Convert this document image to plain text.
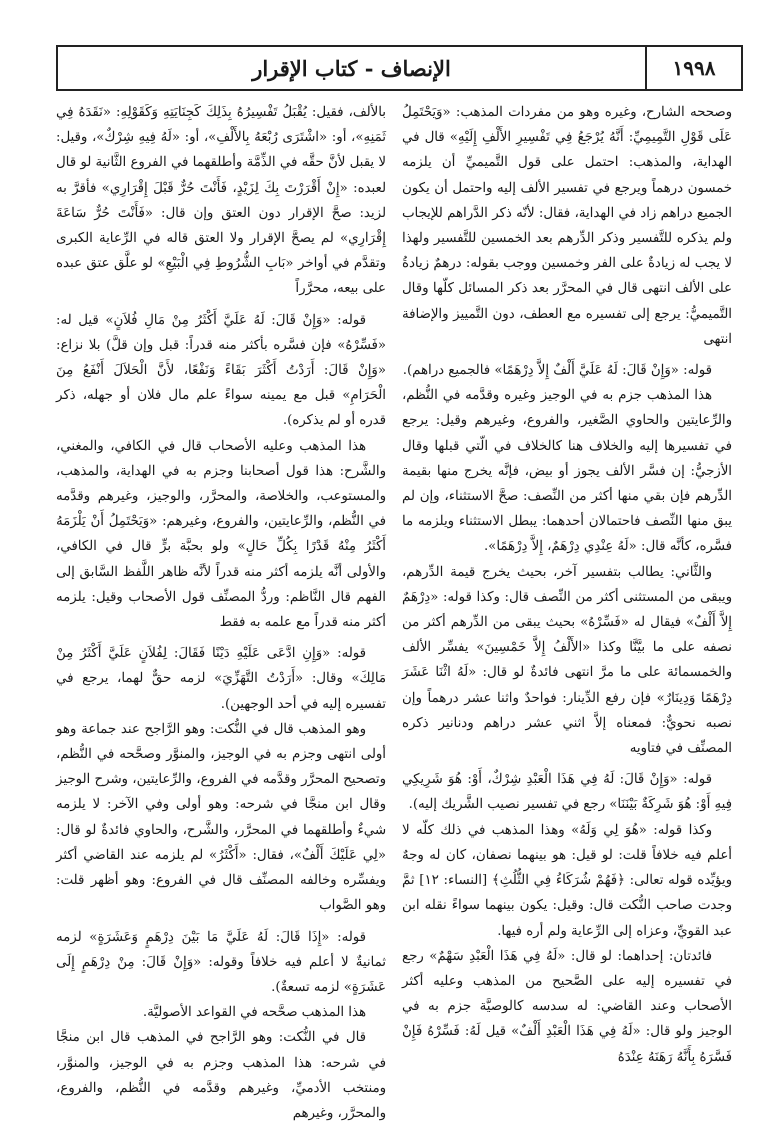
الإنصاف - كتاب الإقرار	١٩٩٨

وصححه الشارح، وغيره وهو من مفردات المذهب: «وَيَحْتَمِلُ عَلَى قَوْلِ التَّمِيمِيِّ: أَنَّهُ يُرْجَعُ فِي تَفْسِيرِ الأَلْفِ إِلَيْهِ» قال في الهداية، والمذهب: احتمل على قول التَّميميِّ أن يلزمه خمسون درهماً ويرجع في تفسير الألف إليه واحتمل أن يكون الجميع دراهم زاد في الهداية، فقال: لأنّه ذكر الدَّراهم للإيجاب ولم يذكره للتَّفسير وذكر الدِّرهم بعد الخمسين للتَّفسير ولهذا لا يجب له زيادةٌ على الفر وخمسين ووجب بقوله: درهمٌ زيادةُ على الألف انتهى قال في المحرَّر بعد ذكر المسائل كلّها وقال التَّميميُّ: يرجع إلى تفسيره مع العطف، دون التَّمييز والإضافة انتهى

قوله: «وَإِنْ قَالَ: لَهُ عَلَيَّ أَلْفٌ إِلاَّ دِرْهَمًا» فالجميع دراهم).

هذا المذهب جزم به في الوجيز وغيره وقدَّمه في النُّظم، والرِّعايتين والحاوي الصَّغير، والفروع، وغيرهم وقيل: يرجع في تفسيرها إليه والخلاف هنا كالخلاف في الّتي قبلها وقال الأزجيُّ: إن فسَّر الألف يجوز أو بيض، فإنَّه يخرج منها بقيمة الدِّرهم فإن بقي منها أكثر من النِّصف: صحَّ الاستثناء، وإن لم يبق منها النِّصف فاحتمالان أحدهما: يبطل الاستثناء ويلزمه ما فسَّره، كأنَّه قال: «لَهُ عِنْدِي دِرْهَمٌ، إِلاَّ دِرْهَمًا».

والثَّاني: يطالب بتفسير آخر، بحيث يخرج قيمة الدِّرهم، ويبقى من المستثنى أكثر من النِّصف قال: وكذا قوله: «دِرْهَمٌ إِلاَّ أَلْفٌ» فيقال له «فَسِّرْهُ» بحيث يبقى من الدِّرهم أكثر من نصفه على ما بيَّنَّا وكذا «الأَلْفُ إِلاَّ خَمْسِينَ» يفسِّر الألف والخمسمائة على ما مرَّ انتهى فائدةٌ لو قال: «لَهُ اثْنَا عَشَرَ دِرْهَمًا وَدِينَارٌ» فإن رفع الدِّينار: فواحدٌ واثنا عشر درهماً وإن نصبه نحويٌّ: فمعناه إلاَّ اثني عشر دراهم ودنانير ذكره المصنِّف في فتاويه

قوله: «وَإِنْ قَالَ: لَهُ فِي هَذَا الْعَبْدِ شِرْكٌ، أَوْ: هُوَ شَرِيكِي فِيهِ أَوْ: هُوَ شَرِكَةٌ بَيْنَنَا» رجع في تفسير نصيب الشَّريك إليه).

وكذا قوله: «هُوَ لِي وَلَهُ» وهذا المذهب في ذلك كلّه لا أعلم فيه خلافاً قلت: لو قيل: هو بينهما نصفان، كان له وجهٌ ويؤيِّده قوله تعالى: ﴿فَهُمْ شُرَكَاءُ فِي الثُّلُثِ﴾ [النساء: ١٢] ثمَّ وجدت صاحب النُّكت قال: وقيل: يكون بينهما سواءً نقله ابن عبد القويِّ، وعزاه إلى الرِّعاية ولم أره فيها.

فائدتان: إحداهما: لو قال: «لَهُ فِي هَذَا الْعَبْدِ سَهْمٌ» رجع في تفسيره إليه على الصَّحيح من المذهب وعليه أكثر الأصحاب وعند القاضي: له سدسه كالوصيَّة جزم به في الوجيز ولو قال: «لَهُ فِي هَذَا الْعَبْدِ أَلْفٌ» قيل لَهُ: فَسِّرْهُ فَإِنْ فَسَّرَهُ بِأَنَّهُ رَهَنَهُ عِنْدَهُ

بالألف، فقيل: يُقْبَلُ تَفْسِيرُهُ بِذَلِكَ كَجِنَايَتِهِ وَكَقَوْلِهِ: «نَقَدَهُ فِي ثَمَنِهِ»، أو: «اشْتَرَى رُبْعَهُ بِالأَلْفِ»، أو: «لَهُ فِيهِ شِرْكٌ»، وقيل: لا يقبل لأنَّ حقَّه في الذِّمَّة وأطلقهما في الفروع الثَّانية لو قال لعبده: «إِنْ أَقْرَرْتَ بِكَ لِزَيْدٍ، فَأَنْتَ حُرٌّ قَبْلَ إِقْرَارِي» فأقرَّ به لزيد: صحَّ الإقرار دون العتق وإن قال: «فَأَنْتَ حُرٌّ سَاعَةَ إِقْرَارِي» لم يصحَّ الإقرار ولا العتق قاله في الرِّعاية الكبرى وتقدَّم في أواخر «بَابِ الشُّرُوطِ فِي الْبَيْعِ» لو علَّق عتق عبده على بيعه، محرَّراً

قوله: «وَإِنْ قَالَ: لَهُ عَلَيَّ أَكْثَرُ مِنْ مَالِ فُلاَنٍ» قيل له: «فَسِّرْهُ» فإن فسَّره بأكثر منه قدراً: قبل وإن قلَّ) بلا نزاع: «وَإِنْ قَالَ: أَرَدْتُ أَكْثَرَ بَقَاءً وَنَفْعًا، لأَنَّ الْحَلاَلَ أَنْفَعُ مِنَ الْحَرَامِ» قبل مع يمينه سواءً علم مال فلان أو جهله، ذكر قدره أو لم يذكره).

هذا المذهب وعليه الأصحاب قال في الكافي، والمغني، والشَّرح: هذا قول أصحابنا وجزم به في الهداية، والمذهب، والمستوعب، والخلاصة، والمحرَّر، والوجيز، وغيرهم وقدَّمه في النُّظم، والرِّعايتين، والفروع، وغيرهم: «وَيَحْتَمِلُ أَنْ يَلْزَمَهُ أَكْثَرُ مِنْهُ قَدْرًا بِكُلِّ حَالٍ» ولو بحبَّة برٍّ قال في الكافي، والأولى أنَّه يلزمه أكثر منه قدراً لأنَّه ظاهر اللَّفظ السَّابق إلى الفهم قال النَّاظم: وردُّ المصنِّف قول الأصحاب وقيل: يلزمه أكثر منه قدراً مع علمه به فقط

قوله: «وَإِنِ ادَّعَى عَلَيْهِ دَيْنًا فَقَالَ: لِفُلاَنٍ عَلَيَّ أَكْثَرُ مِنْ مَالِكَ» وقال: «أَرَدْتُ التَّهَزِّيَ» لزمه حقٌّ لهما، يرجع في تفسيره إليه في أحد الوجهين).

وهو المذهب قال في النُّكت: وهو الرَّاجح عند جماعة وهو أولى انتهى وجزم به في الوجيز، والمنوَّر وصحَّحه في النُّظم، وتصحيح المحرَّر وقدَّمه في الفروع، والرِّعايتين، وشرح الوجيز وقال ابن منجَّا في شرحه: وهو أولى وفي الآخر: لا يلزمه شيءٌ وأطلقهما في المحرَّر، والشَّرح، والحاوي فائدةٌ لو قال: «لِي عَلَيْكَ أَلْفٌ»، فقال: «أَكْثَرُ» لم يلزمه عند القاضي أكثر ويفسِّره وخالفه المصنِّف قال في الفروع: وهو أظهر قلت: وهو الصَّواب

قوله: «إِذَا قَالَ: لَهُ عَلَيَّ مَا بَيْنَ دِرْهَمٍ وَعَشَرَةٍ» لزمه ثمانيةٌ لا أعلم فيه خلافاً وقوله: «وَإِنْ قَالَ: مِنْ دِرْهَمٍ إِلَى عَشَرَةٍ» لزمه تسعةٌ).

هذا المذهب صحَّحه في القواعد الأصوليَّة.

قال في النُّكت: وهو الرَّاجح في المذهب قال ابن منجَّا في شرحه: هذا المذهب وجزم به في الوجيز، والمنوَّر، ومنتخب الأدميِّ، وغيرهم وقدَّمه في النُّظم، والفروع، والمحرَّر، وغيرهم
